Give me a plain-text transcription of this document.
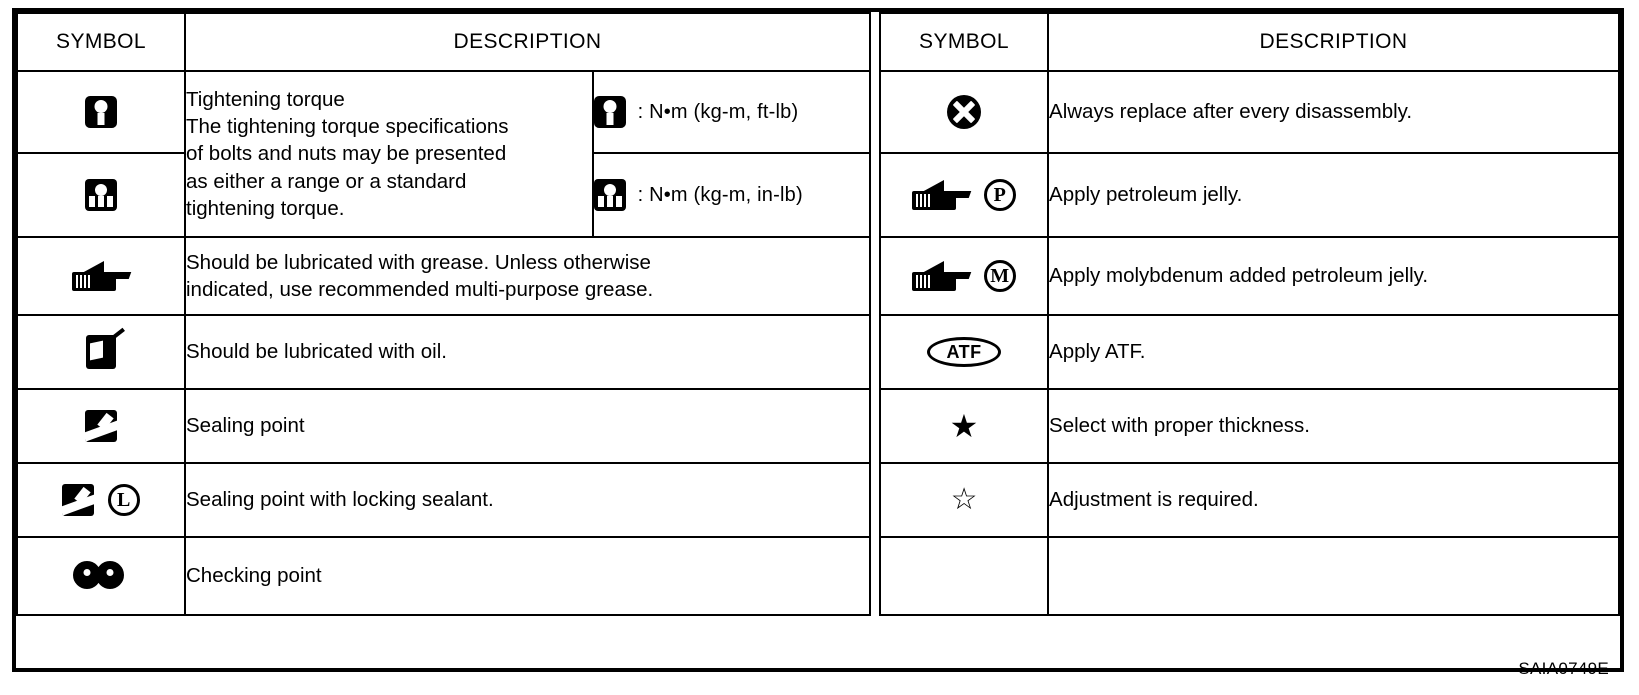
SYMBOL	DESCRIPTION			SYMBOL	DESCRIPTION

	Tightening torque
The tightening torque specifications
of bolts and nuts may be presented
as either a range or a standard
tightening torque.	: N•m (kg-m, ft-lb)			Always replace after every disassembly.
		: N•m (kg-m, in-lb)		P	Apply petroleum jelly.

	Should be lubricated with grease. Unless otherwise
indicated, use recommended multi-purpose grease.			M	Apply molybdenum added petroleum jelly.
	Should be lubricated with oil.			ATF	Apply ATF.
	Sealing point			★	Select with proper thickness.
L	Sealing point with locking sealant.			☆	Adjustment is required.

	Checking point				
SAIA0749E
